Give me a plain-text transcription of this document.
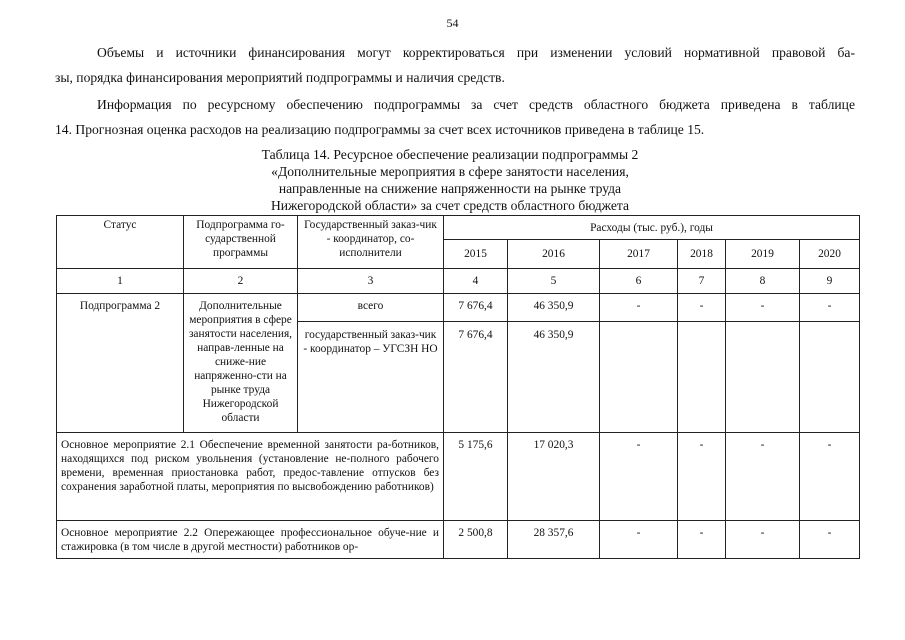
54
Объемы и источники финансирования могут корректироваться при изменении условий нормативной правовой ба-
зы, порядка финансирования мероприятий подпрограммы и наличия средств.
Информация по ресурсному обеспечению подпрограммы за счет средств областного бюджета приведена в таблице
14. Прогнозная оценка расходов на реализацию подпрограммы за счет всех источников приведена в таблице 15.
Таблица 14. Ресурсное обеспечение реализации подпрограммы 2
«Дополнительные мероприятия в сфере занятости населения,
направленные на снижение напряженности на рынке труда
Нижегородской области» за счет средств областного бюджета
Статус	Подпрограмма го-сударственной программы	Государственный заказ-чик - координатор, со-исполнители	Расходы (тыс. руб.), годы					
			2015	2016	2017	2018	2019	2020
1	2	3	4	5	6	7	8	9
Подпрограмма 2	Дополнительные мероприятия в сфере занятости населения, направ-ленные на сниже-ние напряженно-сти на рынке труда Нижегородской области	всего	7 676,4	46 350,9	-	-	-	-
		государственный заказ-чик - координатор – УГСЗН НО	7 676,4	46 350,9				
Основное мероприятие 2.1 Обеспечение временной занятости ра-ботников, находящихся под риском увольнения (установление не-полного рабочего времени, временная приостановка работ, предос-тавление отпусков без сохранения заработной платы, мероприятия по высвобождению работников)			5 175,6	17 020,3	-	-	-	-
Основное мероприятие 2.2 Опережающее профессиональное обуче-ние и стажировка (в том числе в другой местности) работников ор-			2 500,8	28 357,6	-	-	-	-
